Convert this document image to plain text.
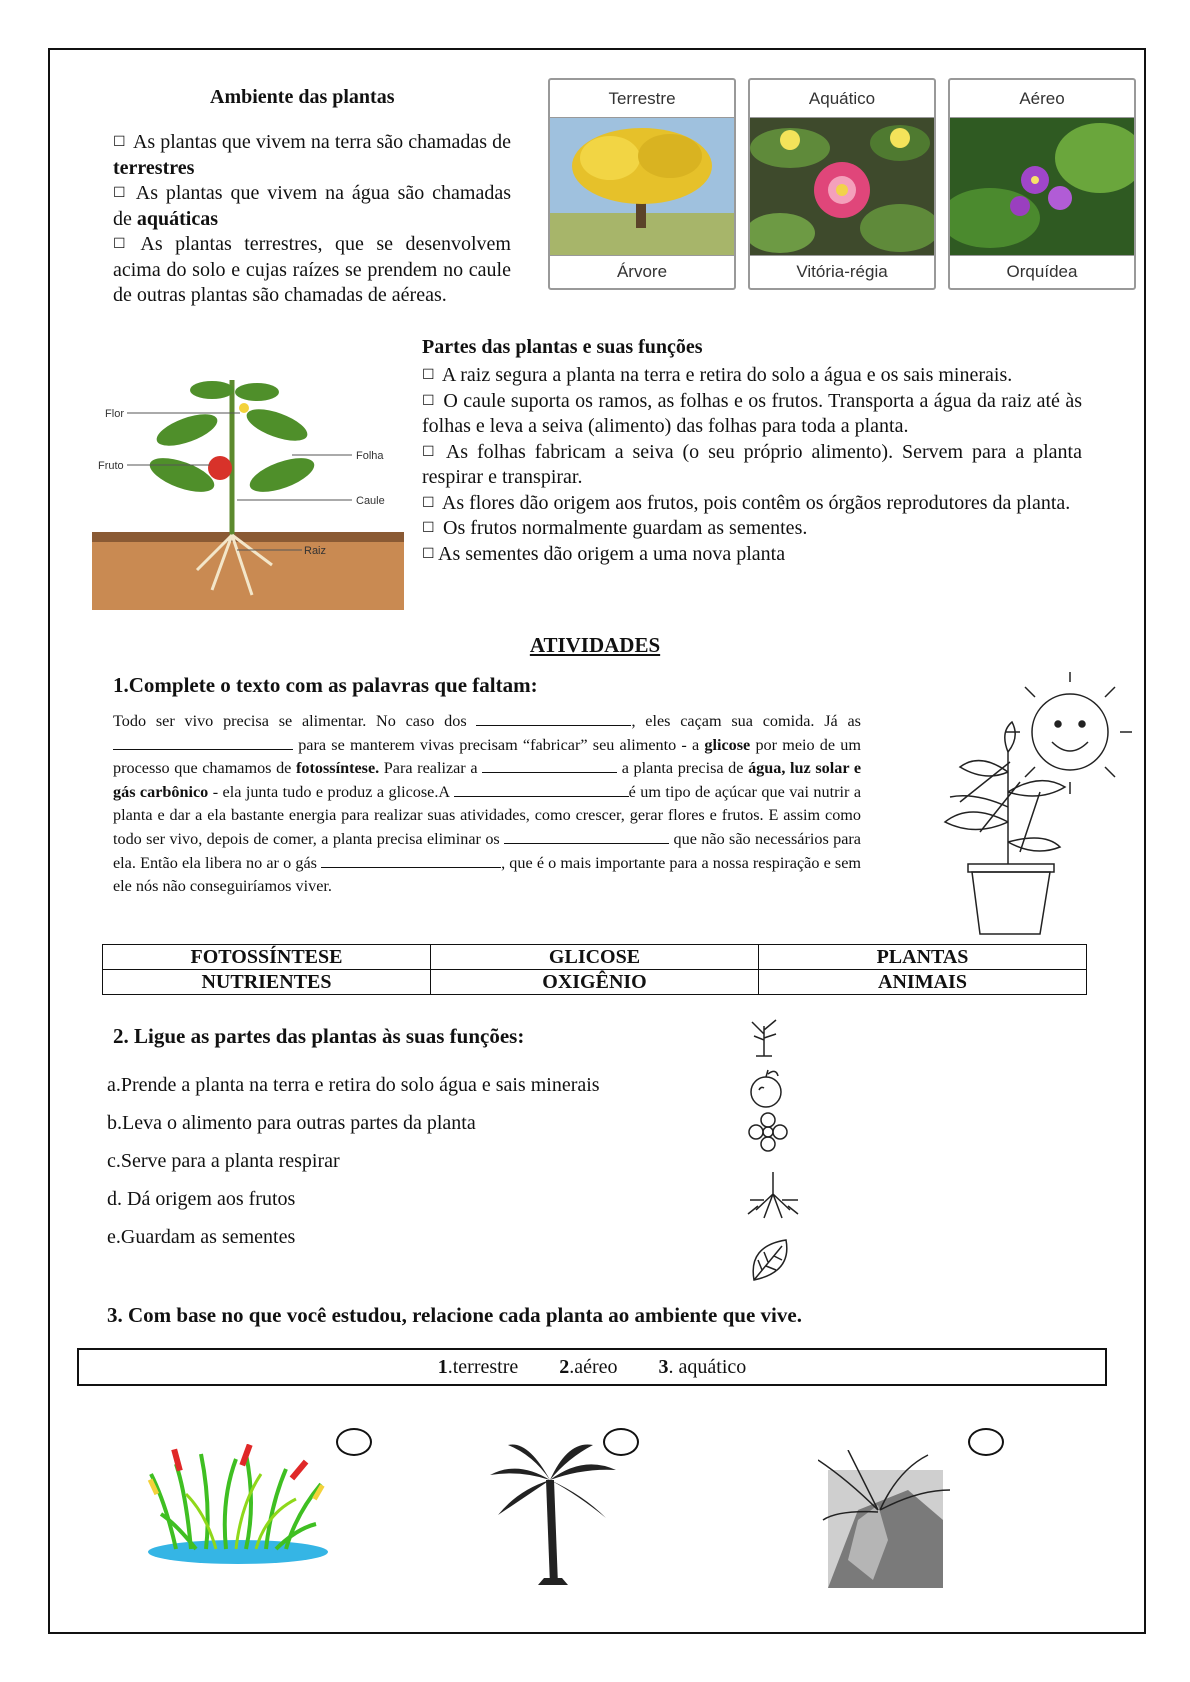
Ambiente das plantas

☐ As plantas que vivem na terra são chamadas de terrestres

☐ As plantas que vivem na água são chamadas de aquáticas

☐ As plantas terrestres, que se desenvolvem acima do solo e cujas raízes se prendem no caule de outras plantas são chamadas de aéreas.

Terrestre
Árvore
Aquático
Vitória-régia
Aéreo
Orquídea
Flor
Fruto
Folha
Caule
Raiz
Partes das plantas e suas funções

☐ A raiz segura a planta na terra e retira do solo a água e os sais minerais.

☐ O caule suporta os ramos, as folhas e os frutos. Transporta a água da raiz até às folhas e leva a seiva (alimento) das folhas para toda a planta.

☐ As folhas fabricam a seiva (o seu próprio alimento). Servem para a planta respirar e transpirar.

☐ As flores dão origem aos frutos, pois contêm os órgãos reprodutores da planta.

☐ Os frutos normalmente guardam as sementes.

☐ As sementes dão origem a uma nova planta

ATIVIDADES
1.Complete o texto com as palavras que faltam:
Todo ser vivo precisa se alimentar. No caso dos	, eles caçam sua comida. Já as  para se manterem vivas precisam “fabricar” seu alimento - a glicose por meio de um processo que chamamos de fotossíntese. Para realizar a	a planta precisa de água, luz solar e gás carbônico - ela junta tudo e produz a glicose.A	é um tipo de açúcar que vai nutrir a planta e dar a ela bastante energia para realizar suas atividades, como crescer, gerar flores e frutos. E assim como todo ser vivo, depois de comer, a planta precisa eliminar os	que não são necessários para ela. Então ela libera no ar o gás	, que é o mais importante para a nossa respiração e sem ele nós não conseguiríamos viver.
FOTOSSÍNTESE	GLICOSE	PLANTAS
NUTRIENTES	OXIGÊNIO	ANIMAIS
2. Ligue as partes das plantas às suas funções:
a.Prende a planta na terra e retira do solo água e sais minerais
b.Leva o alimento para outras partes da planta
c.Serve para a planta respirar
d. Dá origem aos frutos
e.Guardam as sementes
3. Com base no que você estudou, relacione cada planta ao ambiente que vive.
1.terrestre 2.aéreo 3. aquático
